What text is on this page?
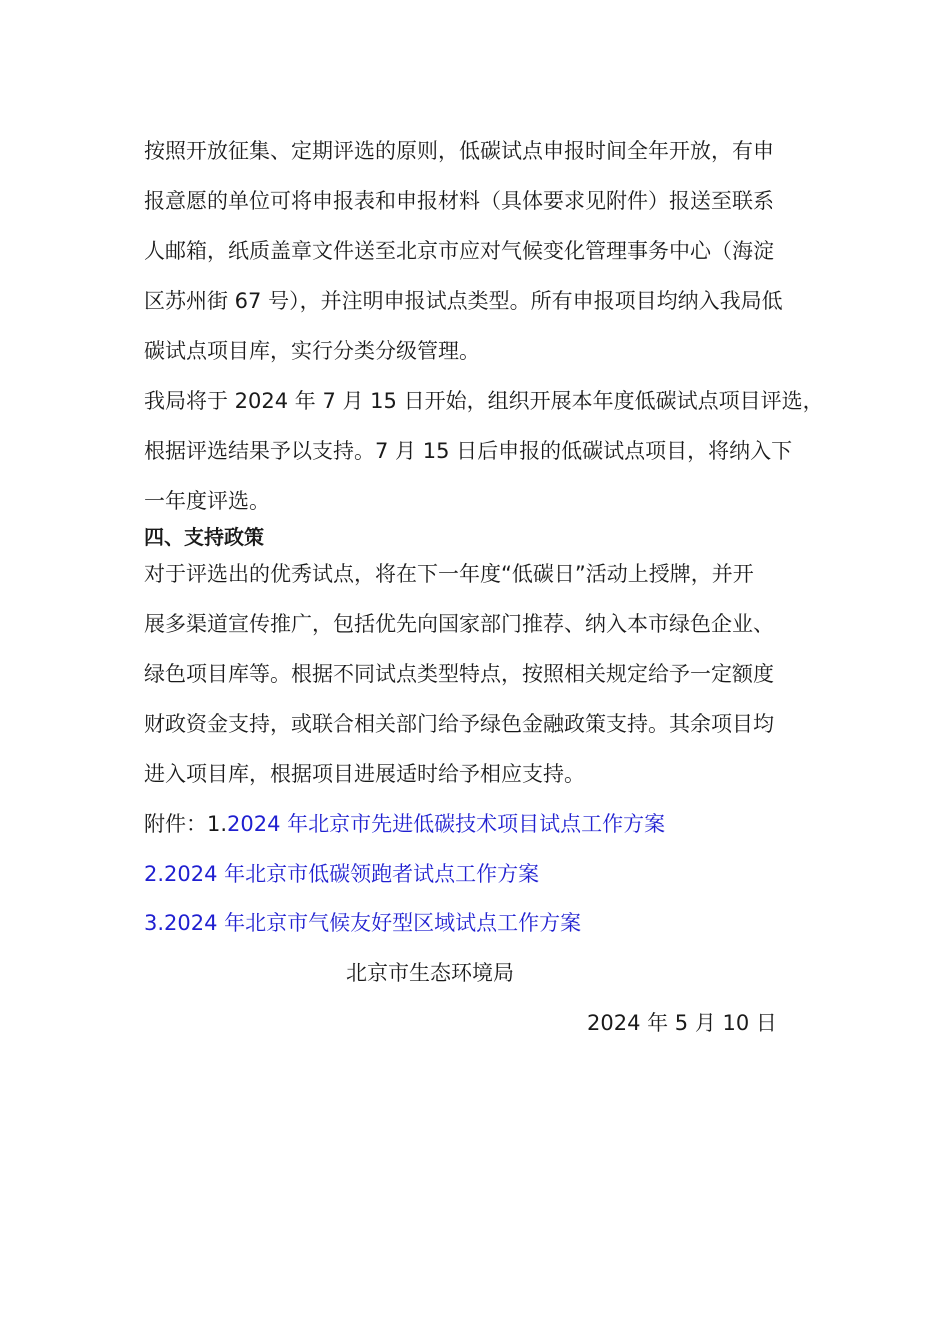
按照开放征集、定期评选的原则，低碳试点申报时间全年开放，有申
报意愿的单位可将申报表和申报材料（具体要求见附件）报送至联系
人邮箱，纸质盖章文件送至北京市应对气候变化管理事务中心（海淀
区苏州街 67 号），并注明申报试点类型。所有申报项目均纳入我局低
碳试点项目库，实行分类分级管理。
我局将于 2024 年 7 月 15 日开始，组织开展本年度低碳试点项目评选，
根据评选结果予以支持。7 月 15 日后申报的低碳试点项目，将纳入下
一年度评选。
四、支持政策
对于评选出的优秀试点，将在下一年度“低碳日”活动上授牌，并开
展多渠道宣传推广，包括优先向国家部门推荐、纳入本市绿色企业、
绿色项目库等。根据不同试点类型特点，按照相关规定给予一定额度
财政资金支持，或联合相关部门给予绿色金融政策支持。其余项目均
进入项目库，根据项目进展适时给予相应支持。
附件：1.2024 年北京市先进低碳技术项目试点工作方案
2.2024 年北京市低碳领跑者试点工作方案
3.2024 年北京市气候友好型区域试点工作方案
北京市生态环境局
2024 年 5 月 10 日
